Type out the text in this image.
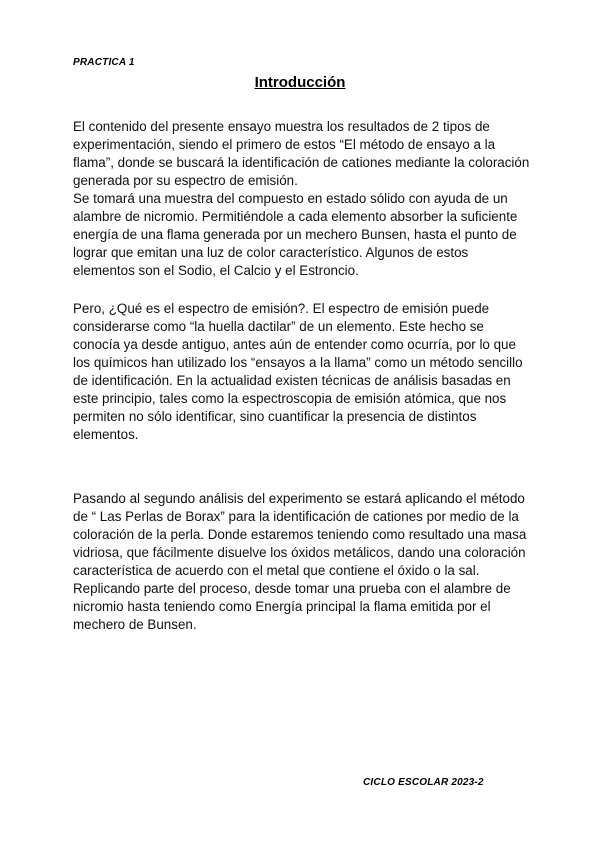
PRACTICA 1
Introducción

El contenido del presente ensayo muestra los resultados de 2 tipos de experimentación, siendo el primero de estos “El método de ensayo a la flama”, donde se buscará la identificación de cationes mediante la coloración generada por su espectro de emisión.

Se tomará una muestra del compuesto en estado sólido con ayuda de un alambre de nicromio. Permitiéndole a cada elemento absorber la suficiente energía de una flama generada por un mechero Bunsen, hasta el punto de lograr que emitan una luz de color característico. Algunos de estos elementos son el Sodio, el Calcio y el Estroncio.

Pero, ¿Qué es el espectro de emisión?. El espectro de emisión puede considerarse como “la huella dactilar” de un elemento. Este hecho se conocía ya desde antiguo, antes aún de entender como ocurría, por lo que los químicos han utilizado los “ensayos a la llama” como un método sencillo de identificación. En la actualidad existen técnicas de análisis basadas en este principio, tales como la espectroscopia de emisión atómica, que nos permiten no sólo identificar, sino cuantificar la presencia de distintos elementos.

Pasando al segundo análisis del experimento se estará aplicando el método de “ Las Perlas de Borax” para la identificación de cationes por medio de la coloración de la perla. Donde estaremos teniendo como resultado una masa vidriosa, que fácilmente disuelve los óxidos metálicos, dando una coloración característica de acuerdo con el metal que contiene el óxido o la sal.

Replicando parte del proceso, desde tomar una prueba con el alambre de nicromio hasta teniendo como Energía principal la flama emitida por el mechero de Bunsen.

CICLO ESCOLAR 2023-2
